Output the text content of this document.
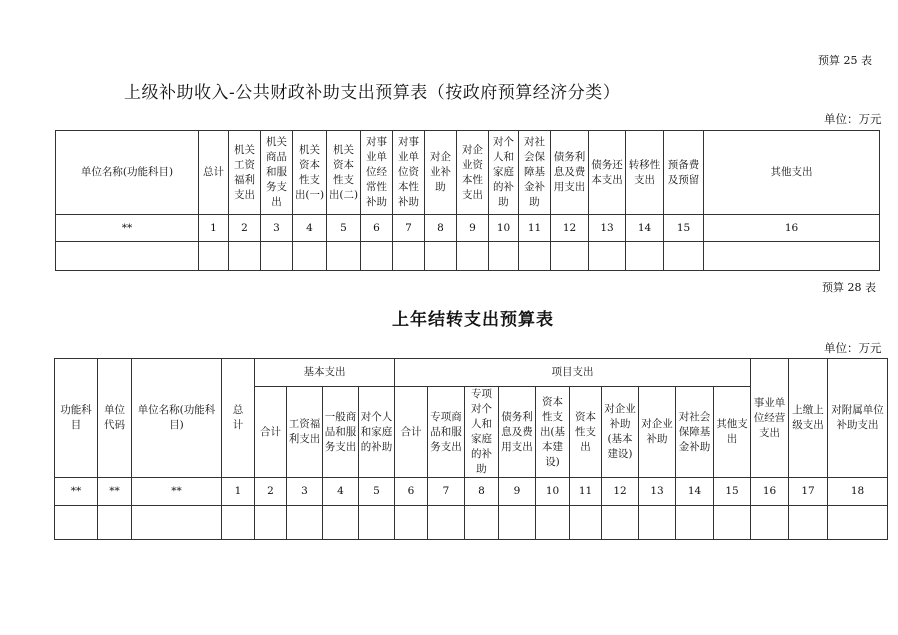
预算 25 表
上级补助收入-公共财政补助支出预算表（按政府预算经济分类）
单位：万元
单位名称(功能科目)	总计	机关工资福利支出	机关商品和服务支出	机关资本性支出(一)	机关资本性支出(二)	对事业单位经常性补助	对事业单位资本性补助	对企业补助	对企业资本性支出	对个人和家庭的补助	对社会保障基金补助	债务利息及费用支出	债务还本支出	转移性支出	预备费及预留	其他支出
**	1	2	3	4	5	6	7	8	9	10	11	12	13	14	15	16

预算 28 表
上年结转支出预算表
单位：万元
功能科目	单位代码	单位名称(功能科目)	总　计	基本支出				项目支出										事业单位经营支出	上缴上级支出	对附属单位补助支出
				合计	工资福利支出	一般商品和服务支出	对个人和家庭的补助	合计	专项商品和服务支出	专项对个人和家庭的补助	债务利息及费用支出	资本性支出(基本建设)	资本性支出	对企业补助(基本建设)	对企业补助	对社会保障基金补助	其他支出			
**	**	**	1	2	3	4	5	6	7	8	9	10	11	12	13	14	15	16	17	18
